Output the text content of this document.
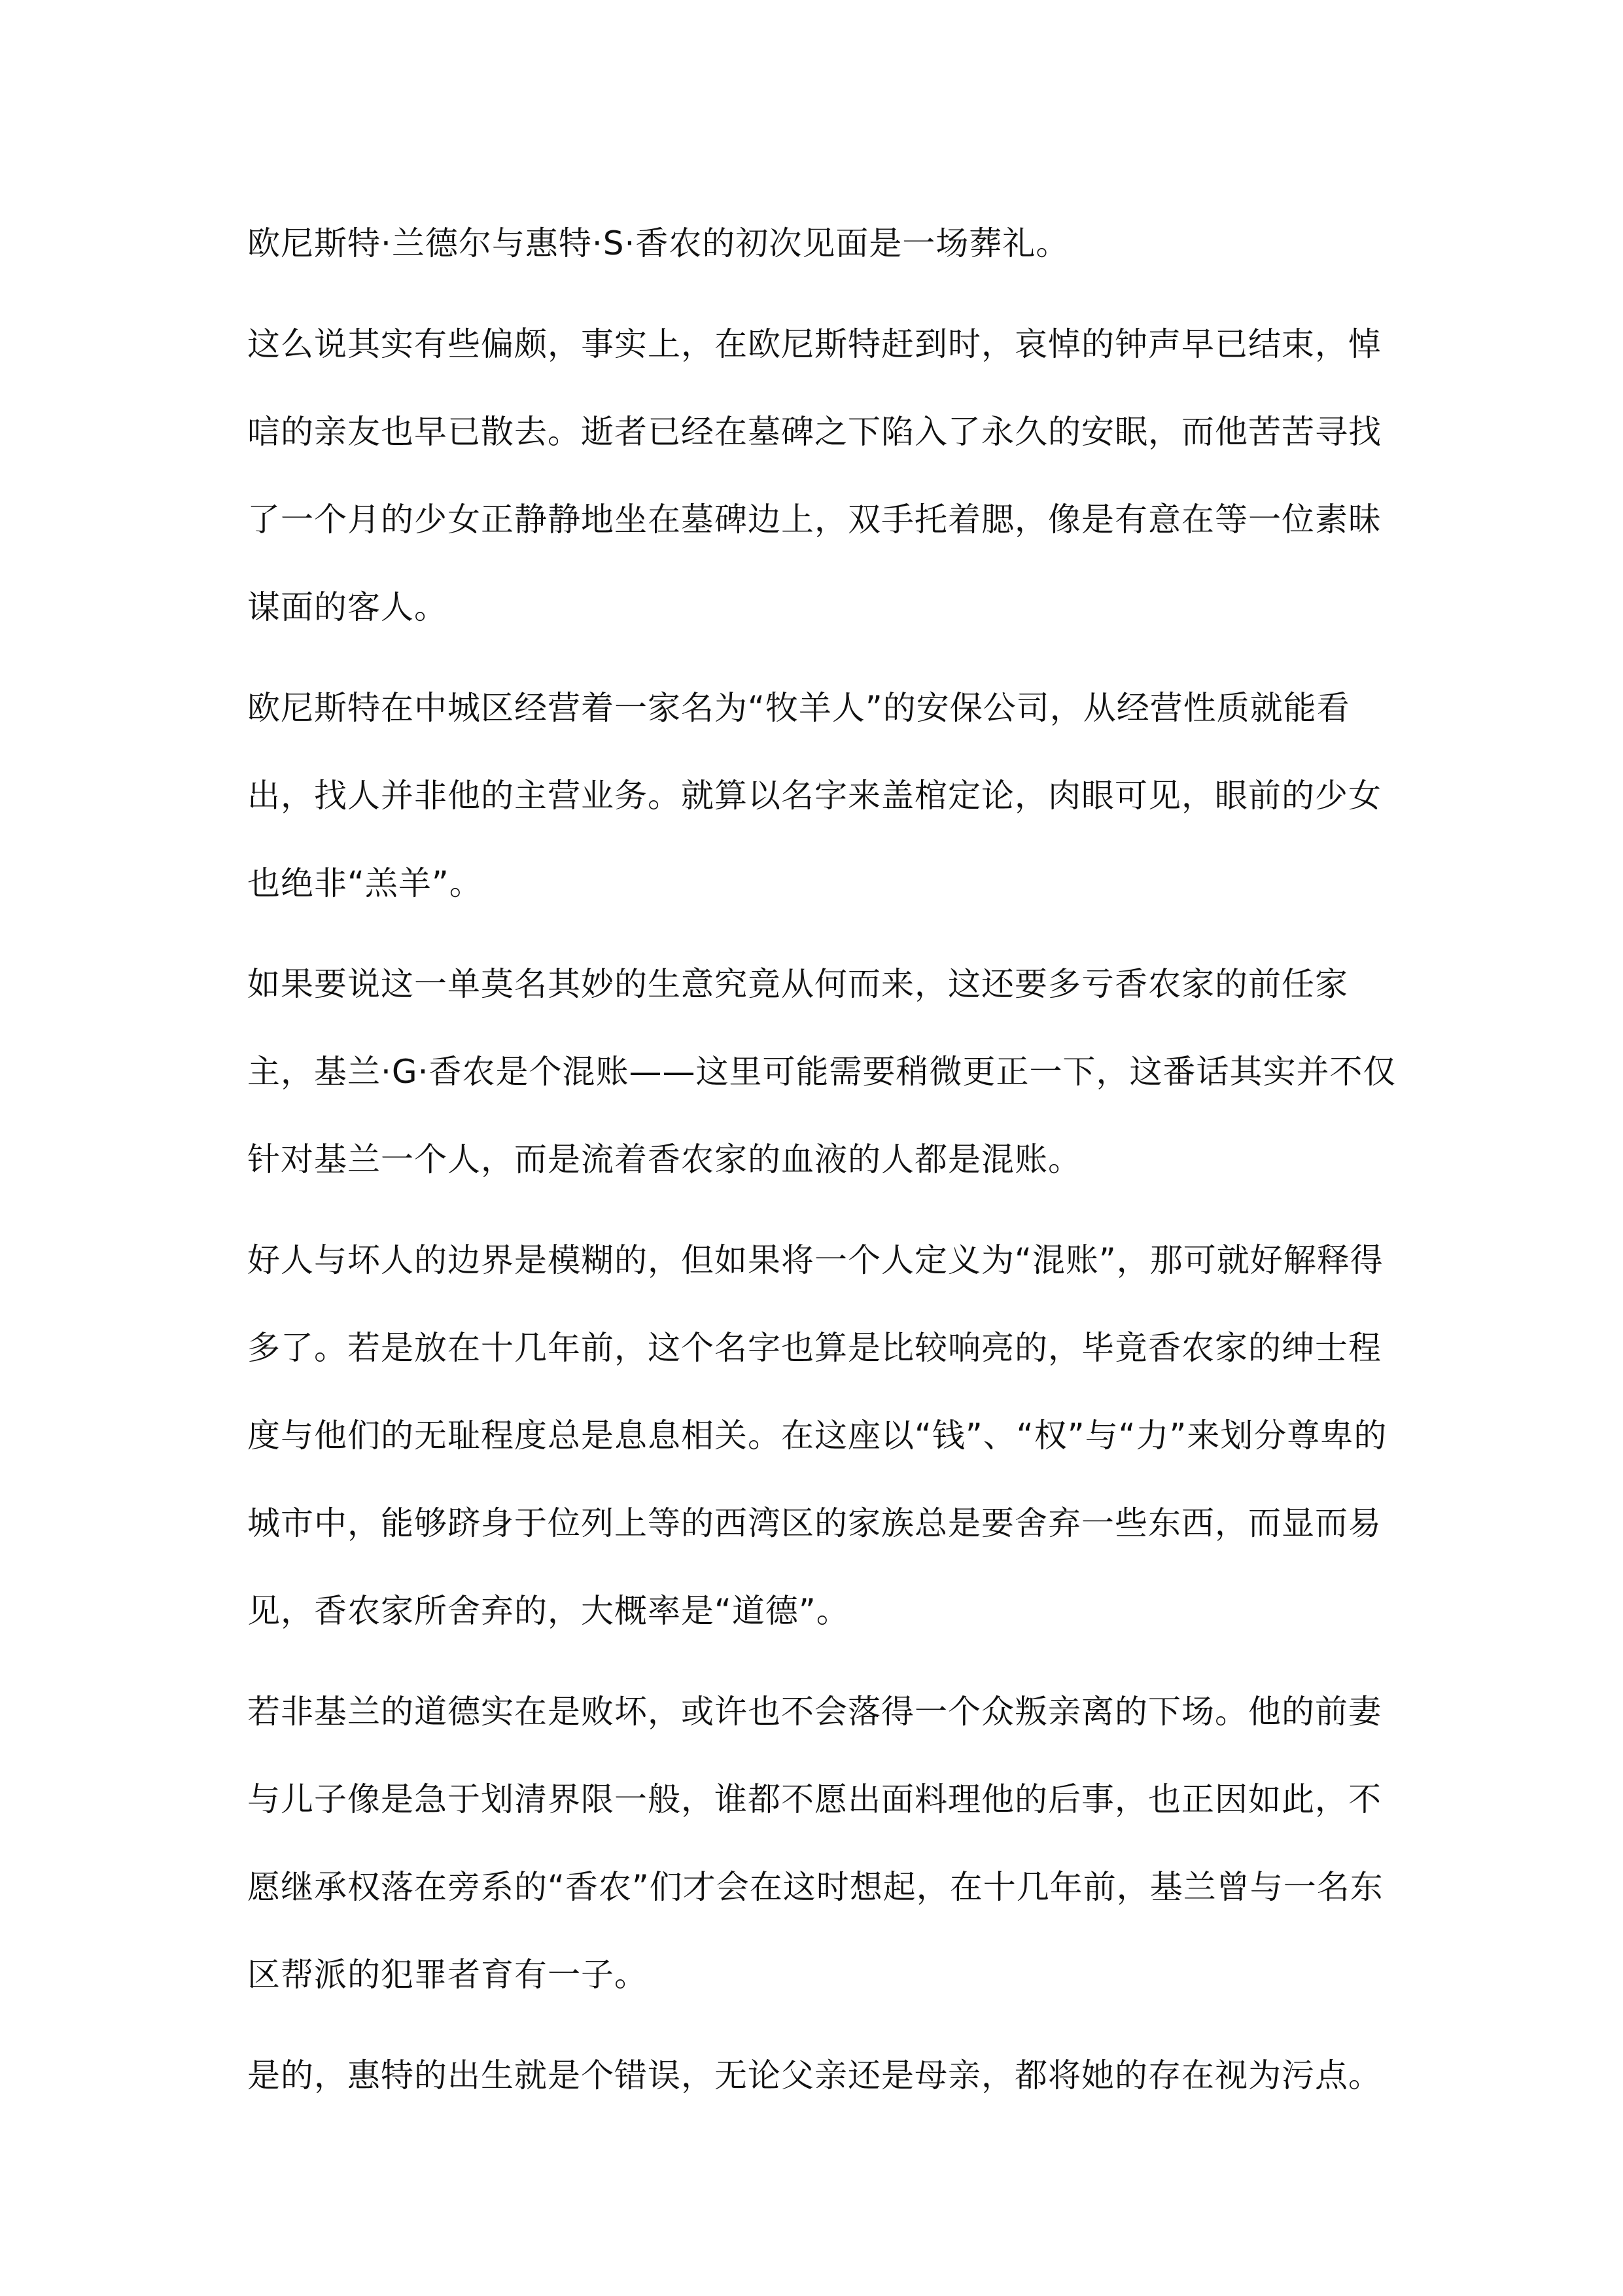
欧尼斯特·兰德尔与惠特·S·香农的初次见面是一场葬礼。

这么说其实有些偏颇，事实上，在欧尼斯特赶到时，哀悼的钟声早已结束，悼唁的亲友也早已散去。逝者已经在墓碑之下陷入了永久的安眠，而他苦苦寻找了一个月的少女正静静地坐在墓碑边上，双手托着腮，像是有意在等一位素昧谋面的客人。

欧尼斯特在中城区经营着一家名为“牧羊人”的安保公司，从经营性质就能看出，找人并非他的主营业务。就算以名字来盖棺定论，肉眼可见，眼前的少女也绝非“羔羊”。

如果要说这一单莫名其妙的生意究竟从何而来，这还要多亏香农家的前任家主，基兰·G·香农是个混账——这里可能需要稍微更正一下，这番话其实并不仅针对基兰一个人，而是流着香农家的血液的人都是混账。

好人与坏人的边界是模糊的，但如果将一个人定义为“混账”，那可就好解释得多了。若是放在十几年前，这个名字也算是比较响亮的，毕竟香农家的绅士程度与他们的无耻程度总是息息相关。在这座以“钱”、“权”与“力”来划分尊卑的城市中，能够跻身于位列上等的西湾区的家族总是要舍弃一些东西，而显而易见，香农家所舍弃的，大概率是“道德”。

若非基兰的道德实在是败坏，或许也不会落得一个众叛亲离的下场。他的前妻与儿子像是急于划清界限一般，谁都不愿出面料理他的后事，也正因如此，不愿继承权落在旁系的“香农”们才会在这时想起，在十几年前，基兰曾与一名东区帮派的犯罪者育有一子。

是的，惠特的出生就是个错误，无论父亲还是母亲，都将她的存在视为污点。
